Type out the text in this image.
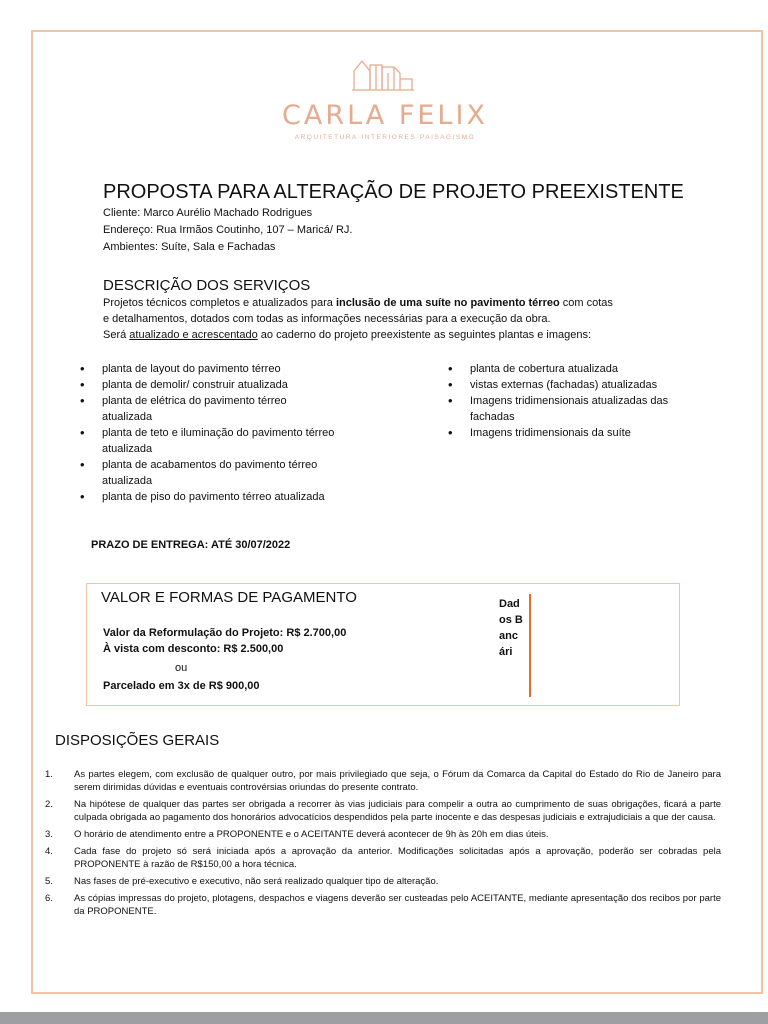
CARLA FELIX
ARQUITETURA·INTERIORES·PAISAGISMO
PROPOSTA PARA ALTERAÇÃO DE PROJETO PREEXISTENTE
Cliente: Marco Aurélio Machado Rodrigues
Endereço: Rua Irmãos Coutinho, 107 – Maricá/ RJ.
Ambientes: Suíte, Sala e Fachadas
DESCRIÇÃO DOS SERVIÇOS
Projetos técnicos completos e atualizados para inclusão de uma suíte no pavimento térreo com cotas
e detalhamentos, dotados com todas as informações necessárias para a execução da obra.
Será atualizado e acrescentado ao caderno do projeto preexistente as seguintes plantas e imagens:
• planta de layout do pavimento térreo
• planta de demolir/ construir atualizada
• planta de elétrica do pavimento térreo atualizada
• planta de teto e iluminação do pavimento térreo atualizada
• planta de acabamentos do pavimento térreo atualizada
• planta de piso do pavimento térreo atualizada
• planta de cobertura atualizada
• vistas externas (fachadas) atualizadas
• Imagens tridimensionais atualizadas das fachadas
• Imagens tridimensionais da suíte
PRAZO DE ENTREGA: ATÉ 30/07/2022
VALOR E FORMAS DE PAGAMENTO
Valor da Reformulação do Projeto: R$ 2.700,00
À vista com desconto: R$ 2.500,00
ou
Parcelado em 3x de R$ 900,00
Dados Bancári
DISPOSIÇÕES GERAIS
1. As partes elegem, com exclusão de qualquer outro, por mais privilegiado que seja, o Fórum da Comarca da Capital do Estado do Rio de Janeiro para serem dirimidas dúvidas e eventuais controvérsias oriundas do presente contrato.
2. Na hipótese de qualquer das partes ser obrigada a recorrer às vias judiciais para compelir a outra ao cumprimento de suas obrigações, ficará a parte culpada obrigada ao pagamento dos honorários advocatícios despendidos pela parte inocente e das despesas judiciais e extrajudiciais a que der causa.
3. O horário de atendimento entre a PROPONENTE e o ACEITANTE deverá acontecer de 9h às 20h em dias úteis.
4. Cada fase do projeto só será iniciada após a aprovação da anterior. Modificações solicitadas após a aprovação, poderão ser cobradas pela PROPONENTE à razão de R$150,00 a hora técnica.
5. Nas fases de pré-executivo e executivo, não será realizado qualquer tipo de alteração.
6. As cópias impressas do projeto, plotagens, despachos e viagens deverão ser custeadas pelo ACEITANTE, mediante apresentação dos recibos por parte da PROPONENTE.
